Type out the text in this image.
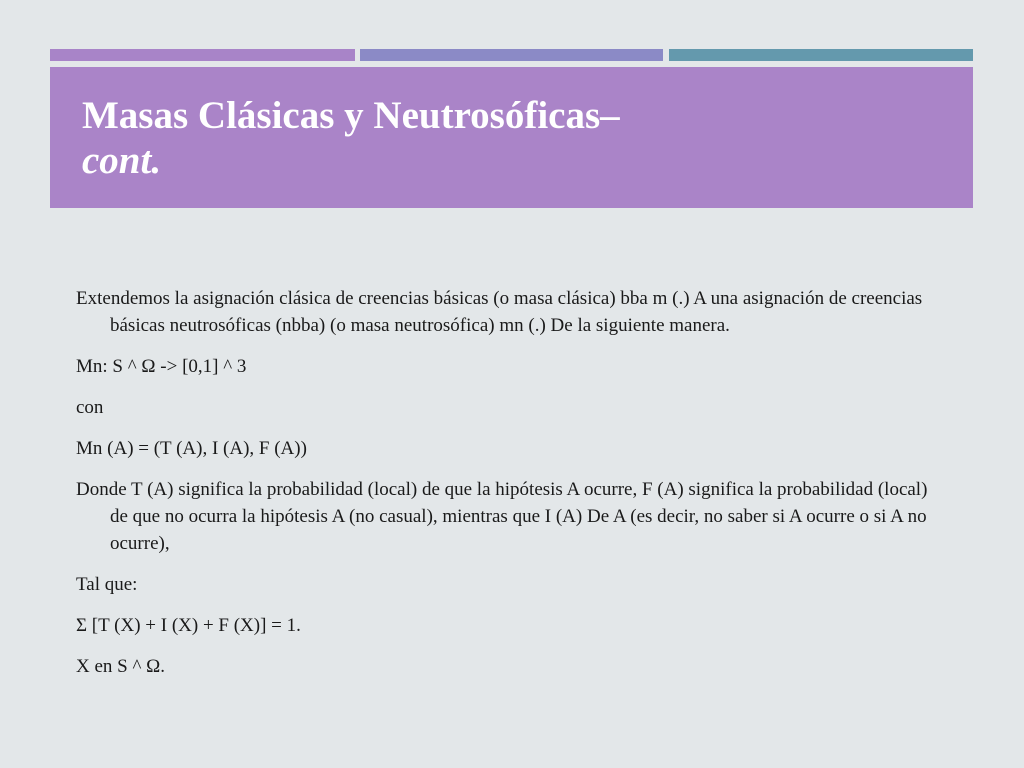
Masas Clásicas y Neutrosóficas–
cont.

Extendemos la asignación clásica de creencias básicas (o masa clásica) bba m (.) A una asignación de creencias básicas neutrosóficas (nbba) (o masa neutrosófica) mn (.) De la siguiente manera.

Mn: S ^ Ω -> [0,1] ^ 3

con

Mn (A) = (T (A), I (A), F (A))

Donde T (A) significa la probabilidad (local) de que la hipótesis A ocurre, F (A) significa la probabilidad (local) de que no ocurra la hipótesis A (no casual), mientras que I (A) De A (es decir, no saber si A ocurre o si A no ocurre),

Tal que:

Σ [T (X) + I (X) + F (X)] = 1.

X en S ^ Ω.
